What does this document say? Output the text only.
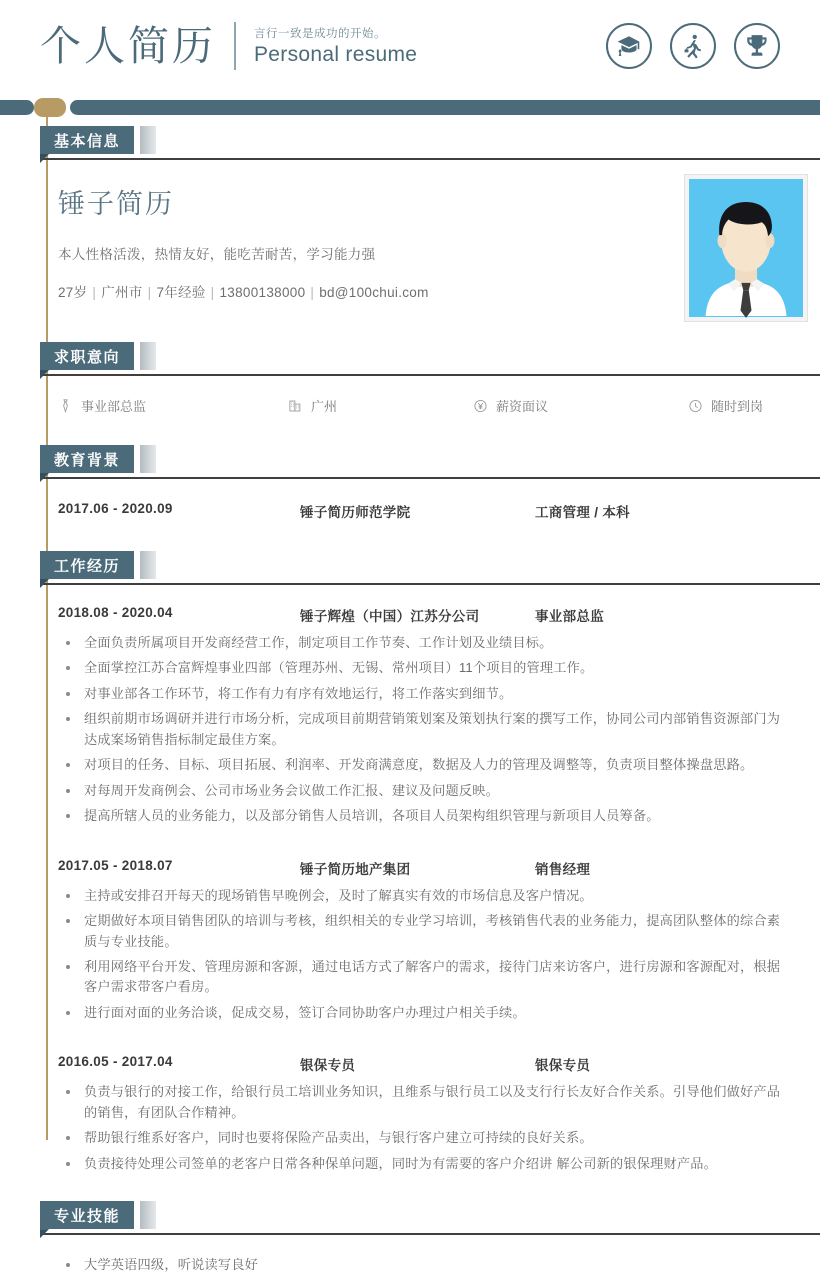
个人简历	言行一致是成功的开始。
Personal resume
基本信息
锤子简历
本人性格活泼，热情友好，能吃苦耐苦，学习能力强
27岁 | 广州市 | 7年经验 | 13800138000 | bd@100chui.com
求职意向
事业部总监	广州	薪资面议	随时到岗
教育背景
2017.06 - 2020.09	锤子简历师范学院	工商管理 / 本科
工作经历
2018.08 - 2020.04	锤子辉煌（中国）江苏分公司	事业部总监
全面负责所属项目开发商经营工作，制定项目工作节奏、工作计划及业绩目标。
全面掌控江苏合富辉煌事业四部（管理苏州、无锡、常州项目）11个项目的管理工作。
对事业部各工作环节，将工作有力有序有效地运行，将工作落实到细节。
组织前期市场调研并进行市场分析，完成项目前期营销策划案及策划执行案的撰写工作，协同公司内部销售资源部门为达成案场销售指标制定最佳方案。
对项目的任务、目标、项目拓展、利润率、开发商满意度，数据及人力的管理及调整等，负责项目整体操盘思路。
对每周开发商例会、公司市场业务会议做工作汇报、建议及问题反映。
提高所辖人员的业务能力，以及部分销售人员培训，各项目人员架构组织管理与新项目人员筹备。
2017.05 - 2018.07	锤子简历地产集团	销售经理
主持或安排召开每天的现场销售早晚例会，及时了解真实有效的市场信息及客户情况。
定期做好本项目销售团队的培训与考核，组织相关的专业学习培训，考核销售代表的业务能力，提高团队整体的综合素质与专业技能。
利用网络平台开发、管理房源和客源，通过电话方式了解客户的需求，接待门店来访客户，进行房源和客源配对，根据客户需求带客户看房。
进行面对面的业务洽谈，促成交易，签订合同协助客户办理过户相关手续。
2016.05 - 2017.04	银保专员	银保专员
负责与银行的对接工作，给银行员工培训业务知识，且维系与银行员工以及支行行长友好合作关系。引导他们做好产品的销售，有团队合作精神。
帮助银行维系好客户，同时也要将保险产品卖出，与银行客户建立可持续的良好关系。
负责接待处理公司签单的老客户日常各种保单问题，同时为有需要的客户介绍讲 解公司新的银保理财产品。
专业技能
大学英语四级，听说读写良好
